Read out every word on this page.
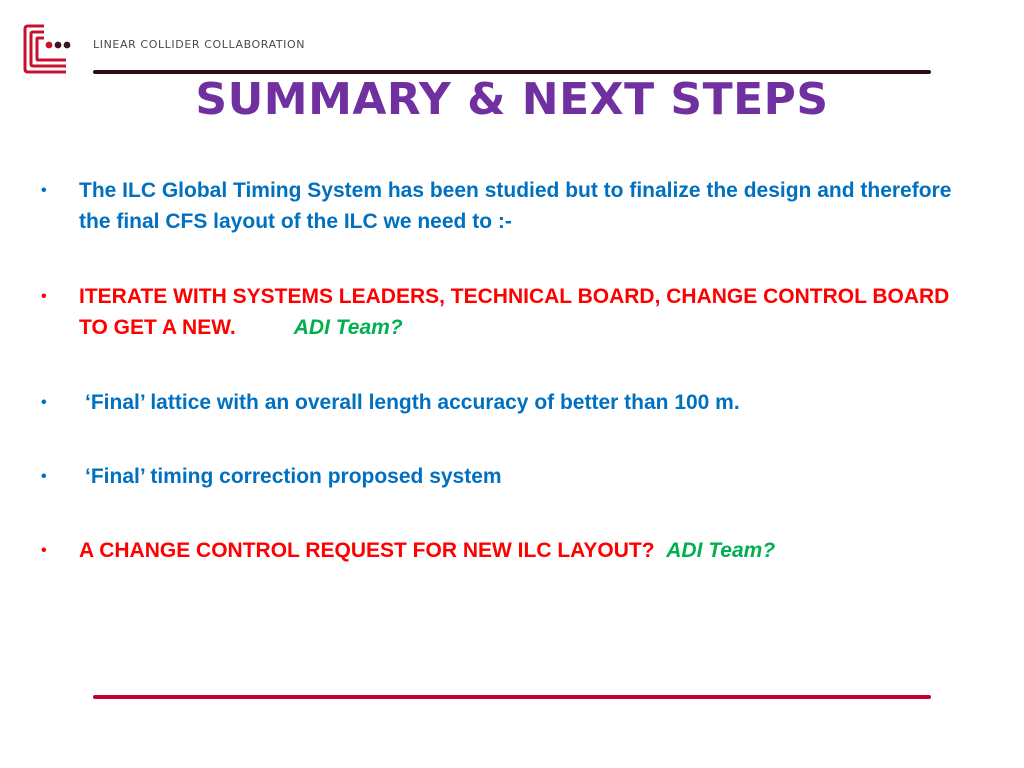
LINEAR COLLIDER COLLABORATION
SUMMARY & NEXT STEPS
• The ILC Global Timing System has been studied but to finalize the design and therefore the final CFS layout of the ILC we need to :-
• ITERATE WITH SYSTEMS LEADERS, TECHNICAL BOARD, CHANGE CONTROL BOARD TO GET A NEW.	ADI Team?
• ‘Final’ lattice with an overall length accuracy of better than 100 m.
• ‘Final’ timing correction proposed system
• A CHANGE CONTROL REQUEST FOR NEW ILC LAYOUT? ADI Team?
